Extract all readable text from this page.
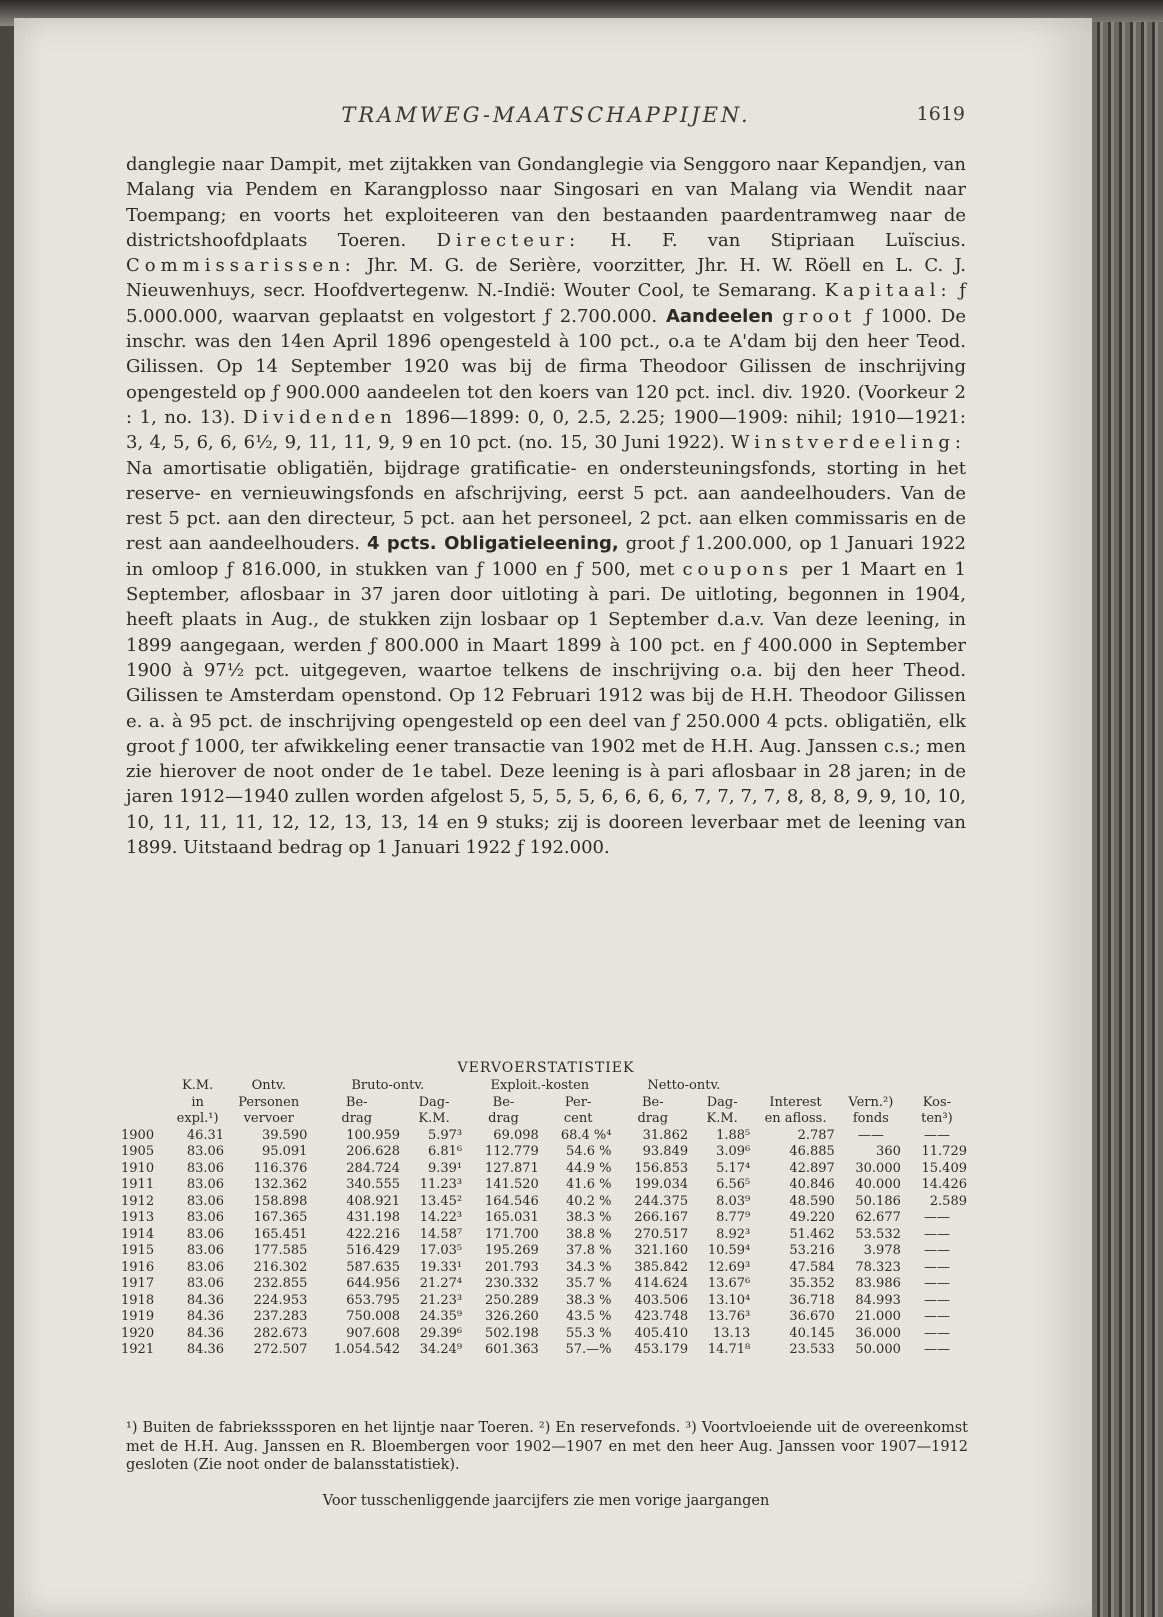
TRAMWEG-MAATSCHAPPIJEN.	1619
danglegie naar Dampit, met zijtakken van Gondanglegie via Senggoro naar Kepandjen, van Malang via Pendem en Karangplosso naar Singosari en van Malang via Wendit naar Toempang; en voorts het exploiteeren van den bestaanden paardentramweg naar de districtshoofdplaats Toeren. Directeur: H. F. van Stipriaan Luïscius. Commissarissen: Jhr. M. G. de Serière, voorzitter, Jhr. H. W. Röell en L. C. J. Nieuwenhuys, secr. Hoofdvertegenw. N.-Indië: Wouter Cool, te Semarang. Kapitaal: ƒ 5.000.000, waarvan geplaatst en volgestort ƒ 2.700.000. Aandeelen groot ƒ 1000. De inschr. was den 14en April 1896 opengesteld à 100 pct., o.a te A'dam bij den heer Teod. Gilissen. Op 14 September 1920 was bij de firma Theodoor Gilissen de inschrijving opengesteld op ƒ 900.000 aandeelen tot den koers van 120 pct. incl. div. 1920. (Voorkeur 2 : 1, no. 13). Dividenden 1896—1899: 0, 0, 2.5, 2.25; 1900—1909: nihil; 1910—1921: 3, 4, 5, 6, 6, 6½, 9, 11, 11, 9, 9 en 10 pct. (no. 15, 30 Juni 1922). Winstverdeeling: Na amortisatie obligatiën, bijdrage gratificatie- en ondersteuningsfonds, storting in het reserve- en vernieuwingsfonds en afschrijving, eerst 5 pct. aan aandeelhouders. Van de rest 5 pct. aan den directeur, 5 pct. aan het personeel, 2 pct. aan elken commissaris en de rest aan aandeelhouders. 4 pcts. Obligatieleening, groot ƒ 1.200.000, op 1 Januari 1922 in omloop ƒ 816.000, in stukken van ƒ 1000 en ƒ 500, met coupons per 1 Maart en 1 September, aflosbaar in 37 jaren door uitloting à pari. De uitloting, begonnen in 1904, heeft plaats in Aug., de stukken zijn losbaar op 1 September d.a.v. Van deze leening, in 1899 aangegaan, werden ƒ 800.000 in Maart 1899 à 100 pct. en ƒ 400.000 in September 1900 à 97½ pct. uitgegeven, waartoe telkens de inschrijving o.a. bij den heer Theod. Gilissen te Amsterdam openstond. Op 12 Februari 1912 was bij de H.H. Theodoor Gilissen e. a. à 95 pct. de inschrijving opengesteld op een deel van ƒ 250.000 4 pcts. obligatiën, elk groot ƒ 1000, ter afwikkeling eener transactie van 1902 met de H.H. Aug. Janssen c.s.; men zie hierover de noot onder de 1e tabel. Deze leening is à pari aflosbaar in 28 jaren; in de jaren 1912—1940 zullen worden afgelost 5, 5, 5, 5, 6, 6, 6, 6, 7, 7, 7, 7, 8, 8, 8, 9, 9, 10, 10, 10, 11, 11, 11, 12, 12, 13, 13, 14 en 9 stuks; zij is dooreen leverbaar met de leening van 1899. Uitstaand bedrag op 1 Januari 1922 ƒ 192.000.
VERVOERSTATISTIEK
	K.M.	Ontv.	Bruto-ontv.		Exploit.-kosten		Netto-ontv.				
	in	Personen	Be-	Dag-	Be-	Per-	Be-	Dag-	Interest	Vern.²)	Kos-
	expl.¹)	vervoer	drag	K.M.	drag	cent	drag	K.M.	en afloss.	fonds	ten³)
1900	46.31	39.590	100.959	5.97³	69.098	68.4 %⁴	31.862	1.88⁵	2.787	——	——
1905	83.06	95.091	206.628	6.81⁶	112.779	54.6 %	93.849	3.09⁶	46.885	360	11.729
1910	83.06	116.376	284.724	9.39¹	127.871	44.9 %	156.853	5.17⁴	42.897	30.000	15.409
1911	83.06	132.362	340.555	11.23³	141.520	41.6 %	199.034	6.56⁵	40.846	40.000	14.426
1912	83.06	158.898	408.921	13.45²	164.546	40.2 %	244.375	8.03⁹	48.590	50.186	2.589
1913	83.06	167.365	431.198	14.22³	165.031	38.3 %	266.167	8.77⁹	49.220	62.677	——
1914	83.06	165.451	422.216	14.58⁷	171.700	38.8 %	270.517	8.92³	51.462	53.532	——
1915	83.06	177.585	516.429	17.03⁵	195.269	37.8 %	321.160	10.59⁴	53.216	3.978	——
1916	83.06	216.302	587.635	19.33¹	201.793	34.3 %	385.842	12.69³	47.584	78.323	——
1917	83.06	232.855	644.956	21.27⁴	230.332	35.7 %	414.624	13.67⁶	35.352	83.986	——
1918	84.36	224.953	653.795	21.23³	250.289	38.3 %	403.506	13.10⁴	36.718	84.993	——
1919	84.36	237.283	750.008	24.35⁹	326.260	43.5 %	423.748	13.76³	36.670	21.000	——
1920	84.36	282.673	907.608	29.39⁶	502.198	55.3 %	405.410	13.13	40.145	36.000	——
1921	84.36	272.507	1.054.542	34.24⁹	601.363	57.—%	453.179	14.71⁸	23.533	50.000	——
¹) Buiten de fabrieksssporen en het lijntje naar Toeren. ²) En reservefonds. ³) Voortvloeiende uit de overeenkomst met de H.H. Aug. Janssen en R. Bloembergen voor 1902—1907 en met den heer Aug. Janssen voor 1907—1912 gesloten (Zie noot onder de balansstatistiek).
Voor tusschenliggende jaarcijfers zie men vorige jaargangen
